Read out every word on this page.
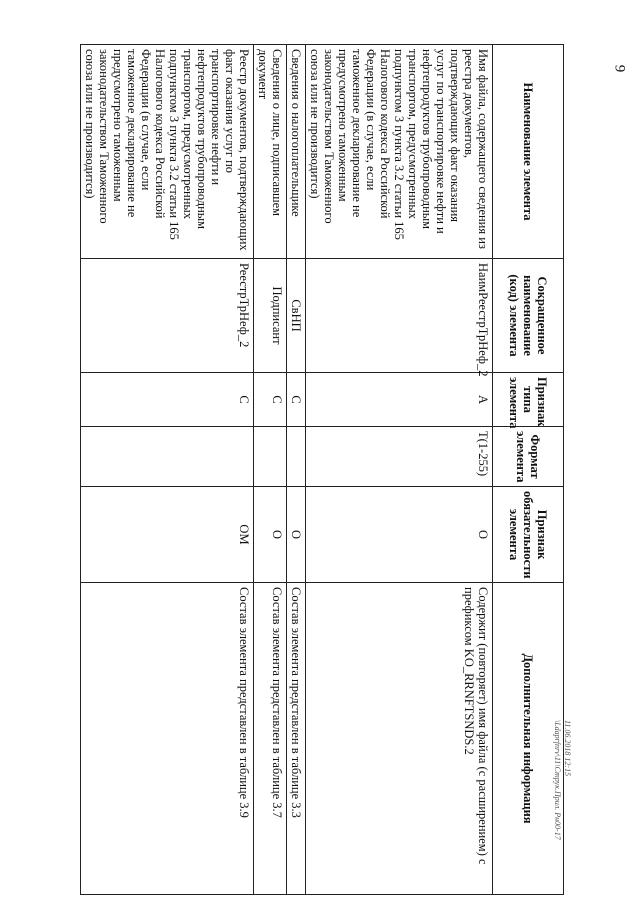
9
Наименование элемента	Сокращенное наименование (код) элемента	Признак типа элемента	Формат элемента	Признак обязательности элемента	Дополнительная информация
Имя файла, содержащего сведения из реестра документов, подтверждающих факт оказания услуг по транспортировке нефти и нефтепродуктов трубопроводным транспортом, предусмотренных подпунктом 3 пункта 3.2 статьи 165 Налогового кодекса Российской Федерации (в случае, если таможенное декларирование не предусмотрено таможенным законодательством Таможенного союза или не производится)	НаимРеестрТрНеф_2	А	T(1-255)	О	Содержит (повторяет) имя файла (с расширением) с префиксом KO_RRNFTSNDS.2
Сведения о налогоплательщике	СвНП	С		О	Состав элемента представлен в таблице 3.3
Сведения о лице, подписавшем документ	Подписант	С		О	Состав элемента представлен в таблице 3.7
Реестр документов, подтверждающих факт оказания услуг по транспортировке нефти и нефтепродуктов трубопроводным транспортом, предусмотренных подпунктом 3 пункта 3.2 статьи 165 Налогового кодекса Российской Федерации (в случае, если таможенное декларирование не предусмотрено таможенным законодательством Таможенного союза или не производится)	РеестрТрНеф_2	С		ОМ	Состав элемента представлен в таблице 3.9	11.06.2018 12:15
\Ldaprfnrv\11\Струк.Прил. Рн00-17
